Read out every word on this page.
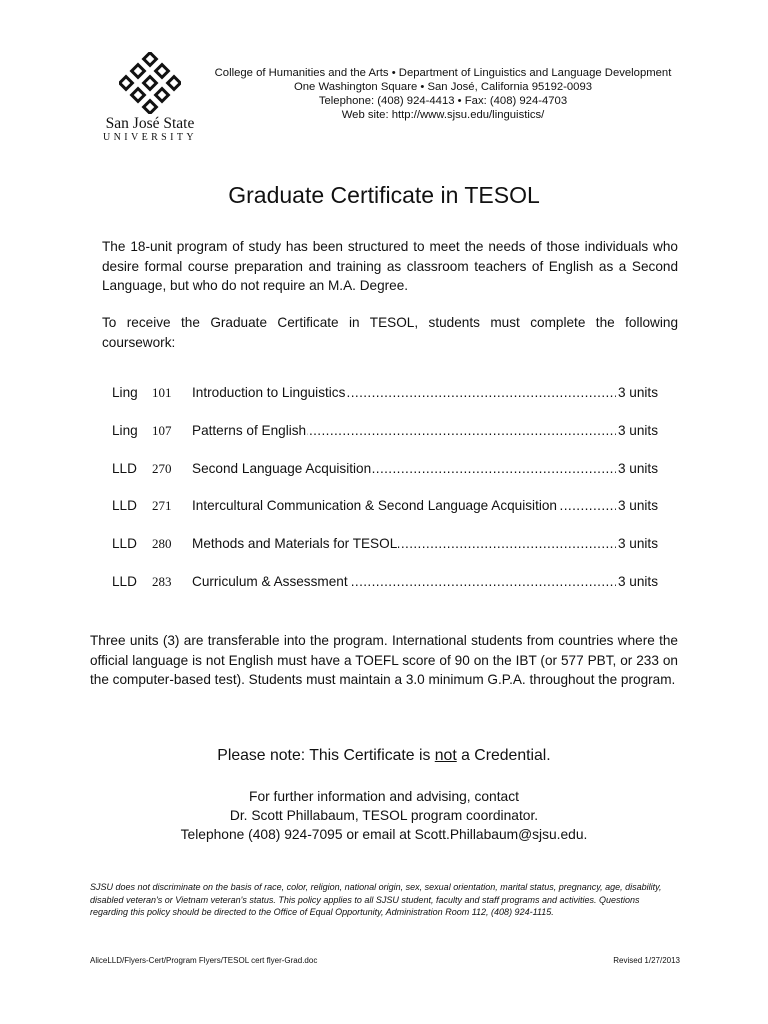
San José State
UNIVERSITY
College of Humanities and the Arts • Department of Linguistics and Language Development
One Washington Square • San José, California 95192-0093
Telephone: (408) 924-4413 • Fax: (408) 924-4703
Web site: http://www.sjsu.edu/linguistics/
Graduate Certificate in TESOL
The 18-unit program of study has been structured to meet the needs of those individuals who desire formal course preparation and training as classroom teachers of English as a Second Language, but who do not require an M.A. Degree.
To receive the Graduate Certificate in TESOL, students must complete the following coursework:
Ling	101	Introduction to Linguistics .....	3 units
Ling	107	Patterns of English .....	3 units
LLD	270	Second Language Acquisition .....	3 units
LLD	271	Intercultural Communication & Second Language Acquisition .....	3 units
LLD	280	Methods and Materials for TESOL .....	3 units
LLD	283	Curriculum & Assessment .....	3 units
Three units (3) are transferable into the program. International students from countries where the official language is not English must have a TOEFL score of 90 on the IBT (or 577 PBT, or 233 on the computer-based test). Students must maintain a 3.0 minimum G.P.A. throughout the program.
Please note: This Certificate is not a Credential.
For further information and advising, contact
Dr. Scott Phillabaum, TESOL program coordinator.
Telephone (408) 924-7095 or email at Scott.Phillabaum@sjsu.edu.
SJSU does not discriminate on the basis of race, color, religion, national origin, sex, sexual orientation, marital status, pregnancy, age, disability, disabled veteran's or Vietnam veteran's status. This policy applies to all SJSU student, faculty and staff programs and activities. Questions regarding this policy should be directed to the Office of Equal Opportunity, Administration Room 112, (408) 924-1115.
AliceLLD/Flyers-Cert/Program Flyers/TESOL cert flyer-Grad.doc	Revised 1/27/2013
